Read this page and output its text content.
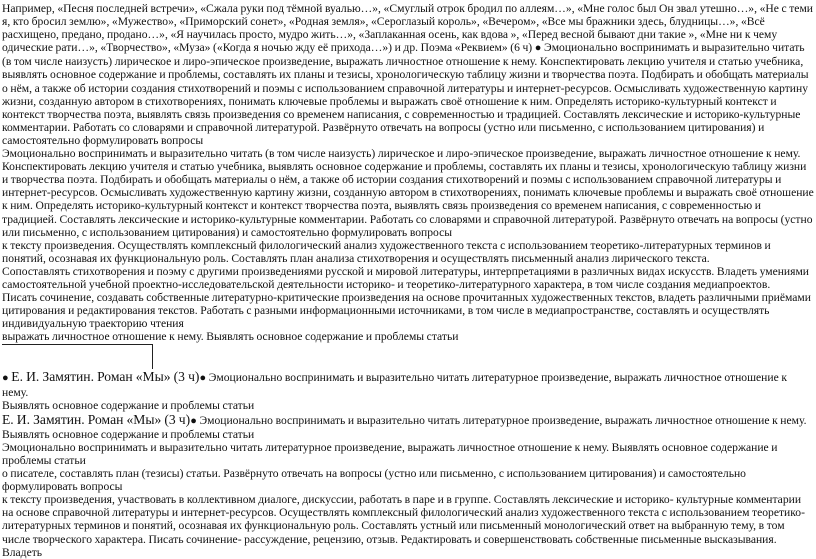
Например, «Песня последней встречи», «Сжала руки под тёмной вуалью…», «Смуглый отрок бродил по аллеям…», «Мне голос был Он звал утешно…», «Не с теми я, кто бросил землю», «Мужество», «Приморский сонет», «Родная земля», «Сероглазый король», «Вечером», «Все мы бражники здесь, блудницы…», «Всё расхищено, предано, продано…», «Я научилась просто, мудро жить…», «Заплаканная осень, как вдова », «Перед весной бывают дни такие », «Мне ни к чему одические рати…», «Творчество», «Муза» («Когда я ночью жду её прихода…») и др. Поэма «Реквием» (6 ч) ● Эмоционально воспринимать и выразительно читать (в том числе наизусть) лирическое и лиро-эпическое произведение, выражать личностное отношение к нему. Конспектировать лекцию учителя и статью учебника, выявлять основное содержание и проблемы, составлять их планы и тезисы, хронологическую таблицу жизни и творчества поэта. Подбирать и обобщать материалы о нём, а также об истории создания стихотворений и поэмы с использованием справочной литературы и интернет-ресурсов. Осмысливать художественную картину жизни, созданную автором в стихотворениях, понимать ключевые проблемы и выражать своё отношение к ним. Определять историко-культурный контекст и контекст творчества поэта, выявлять связь произведения со временем написания, с современностью и традицией. Составлять лексические и историко-культурные комментарии. Работать со словарями и справочной литературой. Развёрнуто отвечать на вопросы (устно или письменно, с использованием цитирования) и самостоятельно формулировать вопросы

Эмоционально воспринимать и выразительно читать (в том числе наизусть) лирическое и лиро-эпическое произведение, выражать личностное отношение к нему. Конспектировать лекцию учителя и статью учебника, выявлять основное содержание и проблемы, составлять их планы и тезисы, хронологическую таблицу жизни и творчества поэта. Подбирать и обобщать материалы о нём, а также об истории создания стихотворений и поэмы с использованием справочной литературы и интернет-ресурсов. Осмысливать художественную картину жизни, созданную автором в стихотворениях, понимать ключевые проблемы и выражать своё отношение к ним. Определять историко-культурный контекст и контекст творчества поэта, выявлять связь произведения со временем написания, с современностью и традицией. Составлять лексические и историко-культурные комментарии. Работать со словарями и справочной литературой. Развёрнуто отвечать на вопросы (устно или письменно, с использованием цитирования) и самостоятельно формулировать вопросы

к тексту произведения. Осуществлять комплексный филологический анализ художественного текста с использованием теоретико-литературных терминов и понятий, осознавая их функциональную роль. Составлять план анализа стихотворения и осуществлять письменный анализ лирического текста.

Сопоставлять стихотворения и поэму с другими произведениями русской и мировой литературы, интерпретациями в различных видах искусств. Владеть умениями самостоятельной учебной проектно-исследовательской деятельности историко- и теоретико-литературного характера, в том числе создания медиапроектов.

Писать сочинение, создавать собственные литературно-критические произведения на основе прочитанных художественных текстов, владеть различными приёмами цитирования и редактирования текстов. Работать с разными информационными источниками, в том числе в медиапространстве, составлять и осуществлять индивидуальную траекторию чтения

выражать личностное отношение к нему. Выявлять основное содержание и проблемы статьи

● Е. И. Замятин. Роман «Мы» (3 ч)● Эмоционально воспринимать и выразительно читать литературное произведение, выражать личностное отношение к нему.

Выявлять основное содержание и проблемы статьи

Е. И. Замятин. Роман «Мы» (3 ч)● Эмоционально воспринимать и выразительно читать литературное произведение, выражать личностное отношение к нему.

Выявлять основное содержание и проблемы статьи

Эмоционально воспринимать и выразительно читать литературное произведение, выражать личностное отношение к нему. Выявлять основное содержание и проблемы статьи

о писателе, составлять план (тезисы) статьи. Развёрнуто отвечать на вопросы (устно или письменно, с использованием цитирования) и самостоятельно формулировать вопросы

к тексту произведения, участвовать в коллективном диалоге, дискуссии, работать в паре и в группе. Составлять лексические и историко- культурные комментарии на основе справочной литературы и интернет-ресурсов. Осуществлять комплексный филологический анализ художественного текста с использованием теоретико-литературных терминов и понятий, осознавая их функциональную роль. Составлять устный или письменный монологический ответ на выбранную тему, в том числе творческого характера. Писать сочинение- рассуждение, рецензию, отзыв. Редактировать и совершенствовать собственные письменные высказывания. Владеть
